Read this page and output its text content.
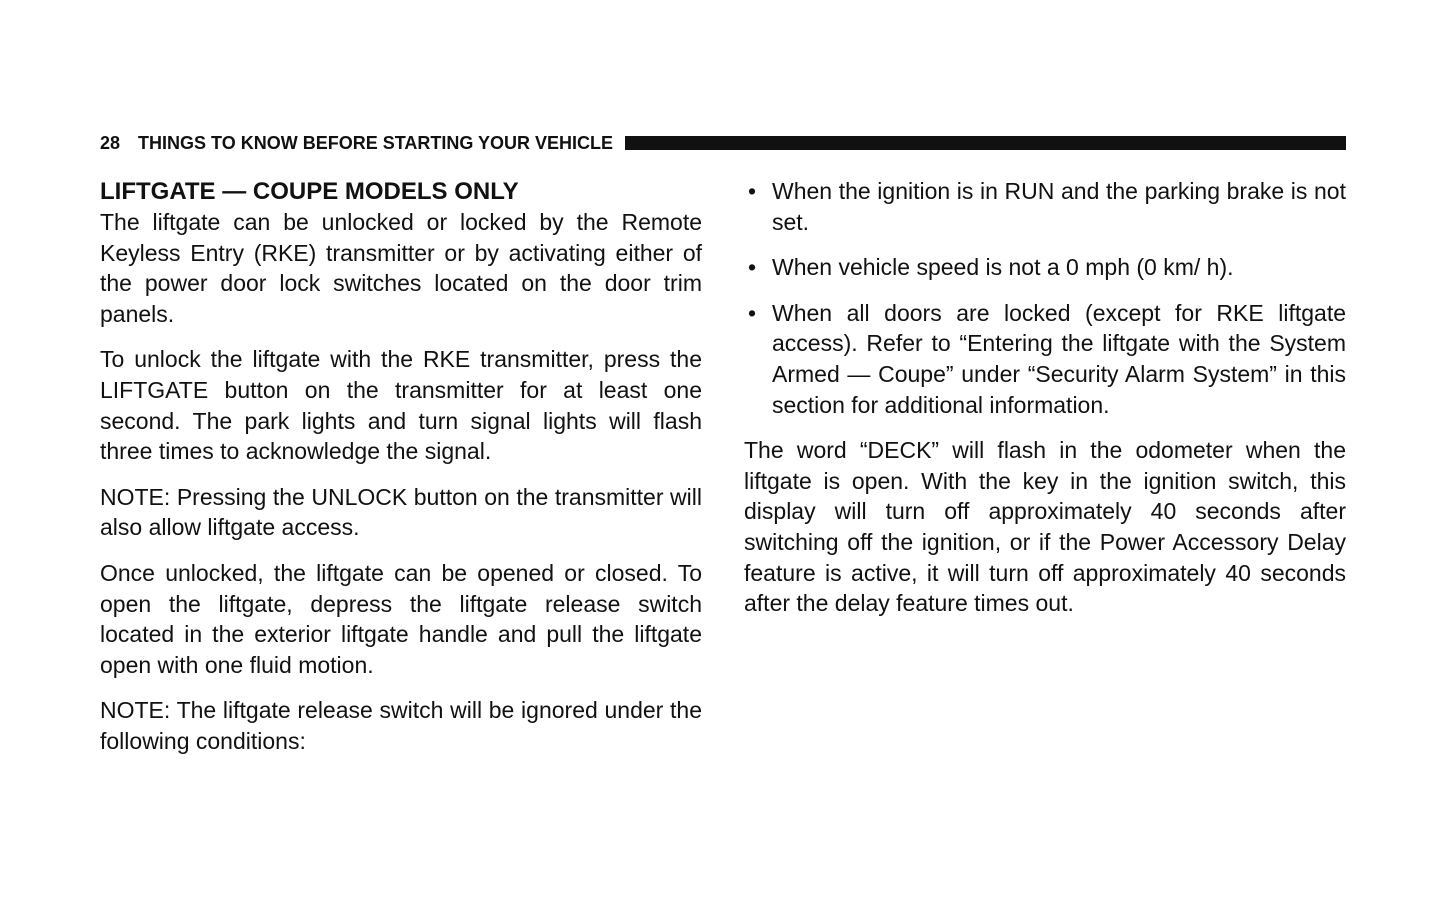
28 THINGS TO KNOW BEFORE STARTING YOUR VEHICLE
LIFTGATE — COUPE MODELS ONLY

The liftgate can be unlocked or locked by the Remote Keyless Entry (RKE) transmitter or by activating either of the power door lock switches located on the door trim panels.

To unlock the liftgate with the RKE transmitter, press the LIFTGATE button on the transmitter for at least one second. The park lights and turn signal lights will flash three times to acknowledge the signal.

NOTE: Pressing the UNLOCK button on the transmitter will also allow liftgate access.

Once unlocked, the liftgate can be opened or closed. To open the liftgate, depress the liftgate release switch located in the exterior liftgate handle and pull the liftgate open with one fluid motion.

NOTE: The liftgate release switch will be ignored under the following conditions:

• When the ignition is in RUN and the parking brake is not set.
• When vehicle speed is not a 0 mph (0 km/ h).
• When all doors are locked (except for RKE liftgate access). Refer to “Entering the liftgate with the System Armed — Coupe” under “Security Alarm System” in this section for additional information.

The word “DECK” will flash in the odometer when the liftgate is open. With the key in the ignition switch, this display will turn off approximately 40 seconds after switching off the ignition, or if the Power Accessory Delay feature is active, it will turn off approximately 40 seconds after the delay feature times out.
